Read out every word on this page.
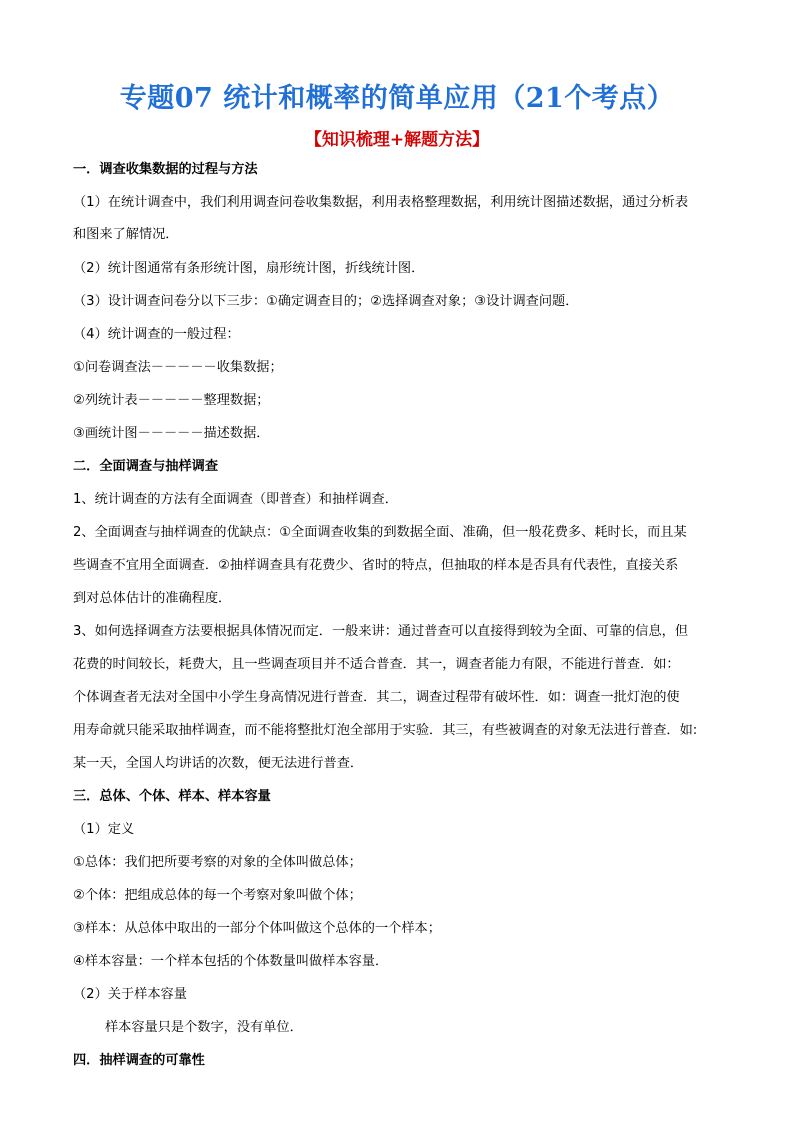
专题07 统计和概率的简单应用（21个考点）
【知识梳理+解题方法】
一．调查收集数据的过程与方法
（1）在统计调查中，我们利用调查问卷收集数据，利用表格整理数据，利用统计图描述数据，通过分析表
和图来了解情况．
（2）统计图通常有条形统计图，扇形统计图，折线统计图．
（3）设计调查问卷分以下三步：①确定调查目的；②选择调查对象；③设计调查问题．
（4）统计调查的一般过程：
①问卷调查法－－－－－收集数据；
②列统计表－－－－－整理数据；
③画统计图－－－－－描述数据．
二．全面调查与抽样调查
1、统计调查的方法有全面调查（即普查）和抽样调查．
2、全面调查与抽样调查的优缺点：①全面调查收集的到数据全面、准确，但一般花费多、耗时长，而且某
些调查不宜用全面调查．②抽样调查具有花费少、省时的特点，但抽取的样本是否具有代表性，直接关系
到对总体估计的准确程度．
3、如何选择调查方法要根据具体情况而定．一般来讲：通过普查可以直接得到较为全面、可靠的信息，但
花费的时间较长，耗费大，且一些调查项目并不适合普查．其一，调查者能力有限，不能进行普查．如：
个体调查者无法对全国中小学生身高情况进行普查．其二，调查过程带有破坏性．如：调查一批灯泡的使
用寿命就只能采取抽样调查，而不能将整批灯泡全部用于实验．其三，有些被调查的对象无法进行普查．如:
某一天，全国人均讲话的次数，便无法进行普查．
三．总体、个体、样本、样本容量
（1）定义
①总体：我们把所要考察的对象的全体叫做总体；
②个体：把组成总体的每一个考察对象叫做个体；
③样本：从总体中取出的一部分个体叫做这个总体的一个样本；
④样本容量：一个样本包括的个体数量叫做样本容量．
（2）关于样本容量
样本容量只是个数字，没有单位．
四．抽样调查的可靠性
